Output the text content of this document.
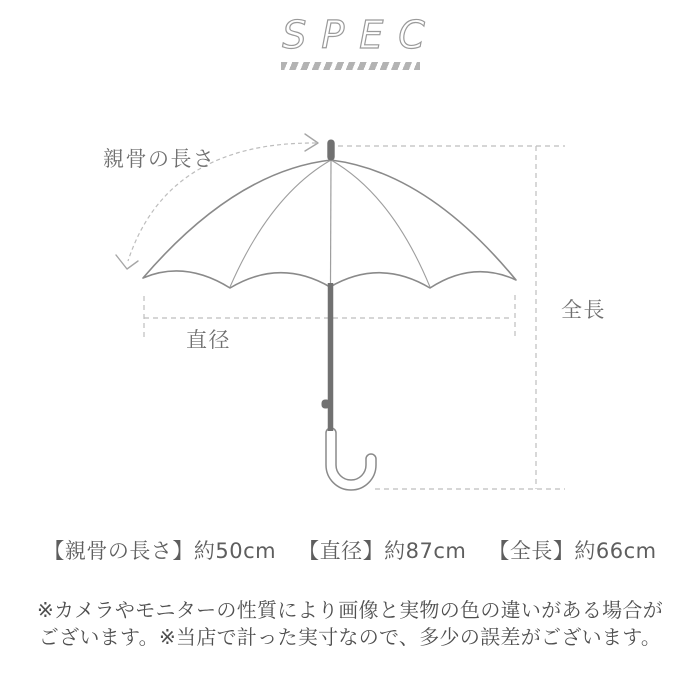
SPEC
親骨の長さ
直径
全長
【親骨の長さ】約50cm 【直径】約87cm 【全長】約66cm
※カメラやモニターの性質により画像と実物の色の違いがある場合が
ございます。※当店で計った実寸なので、多少の誤差がございます。
